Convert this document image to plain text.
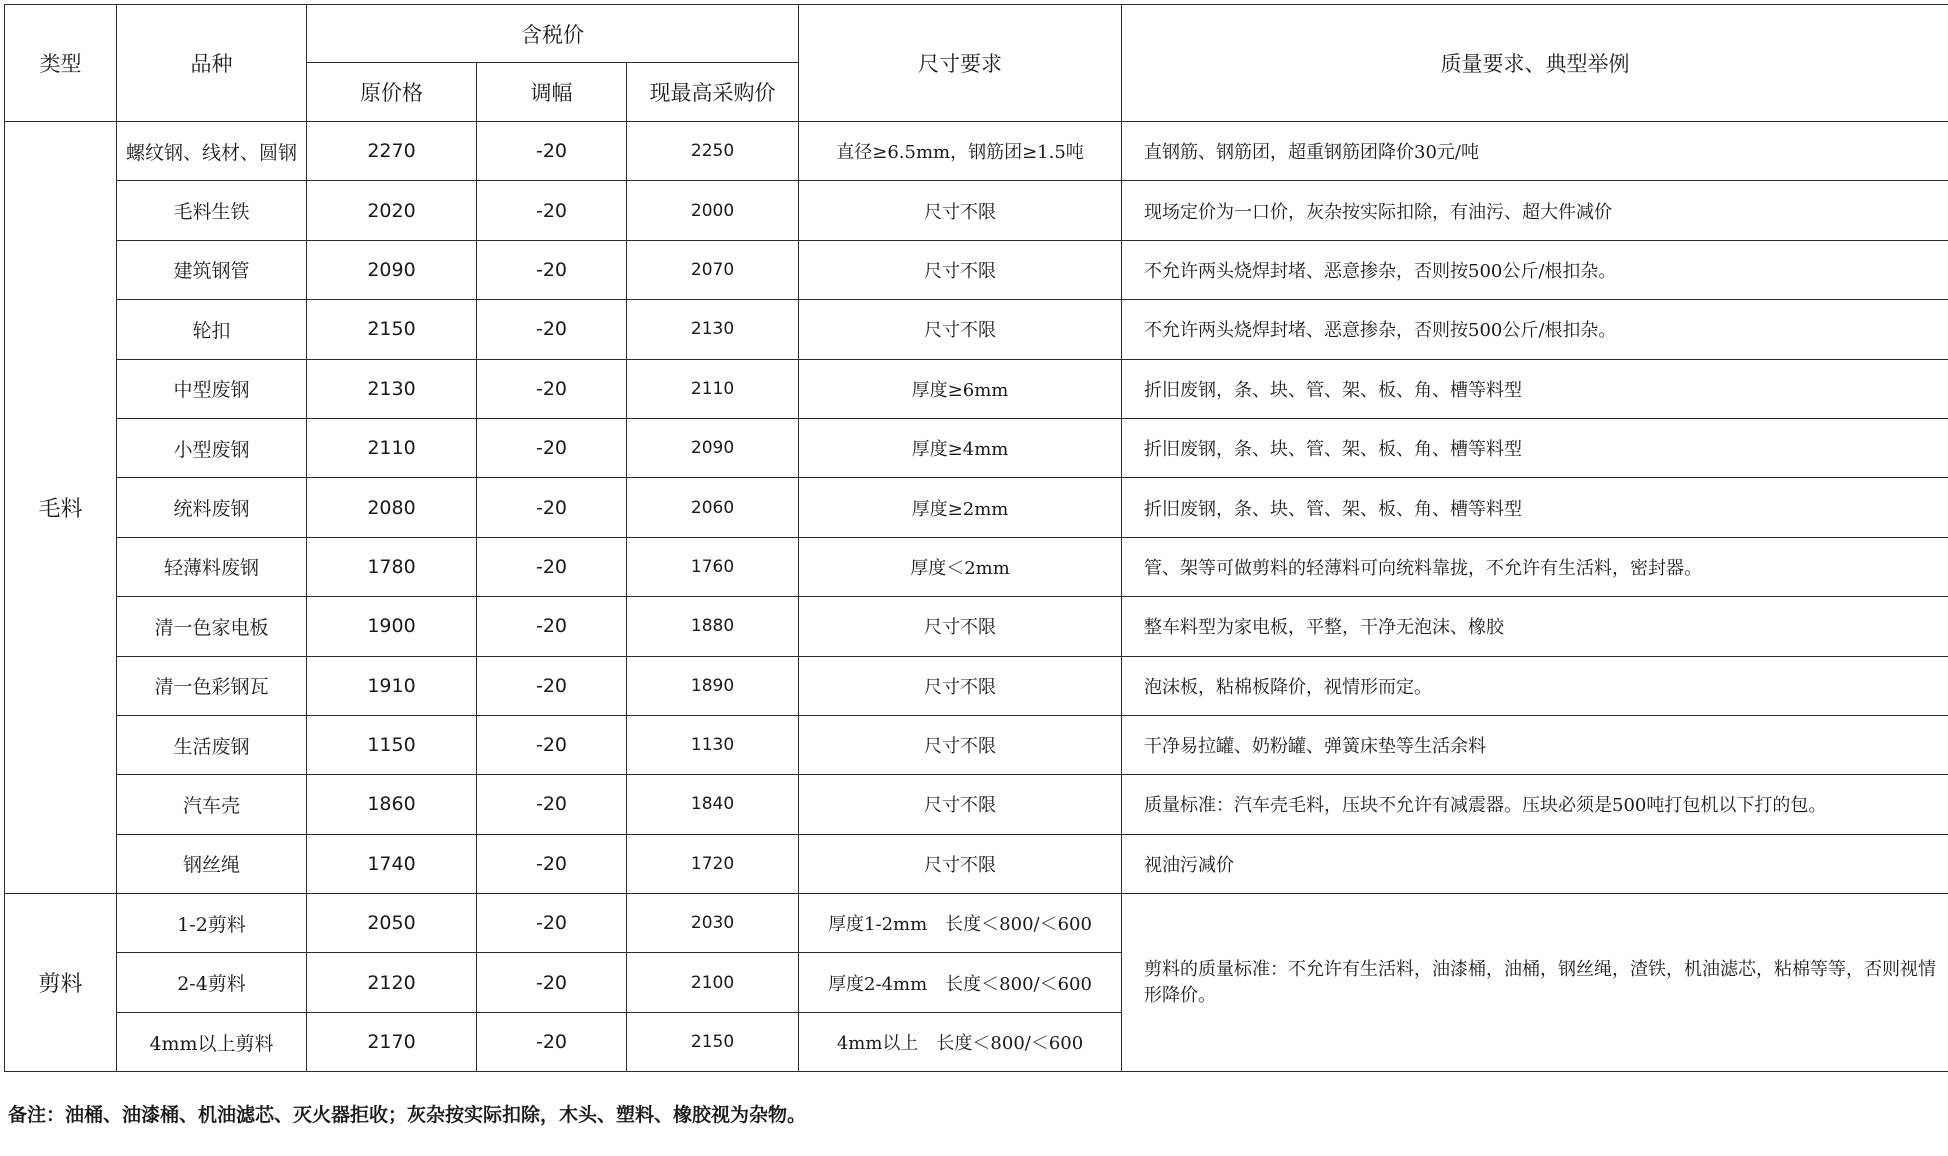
类型	品种	含税价			尺寸要求	质量要求、典型举例
		原价格	调幅	现最高采购价		
毛料	螺纹钢、线材、圆钢	2270	-20	2250	直径≥6.5mm，钢筋团≥1.5吨	直钢筋、钢筋团，超重钢筋团降价30元/吨
	毛料生铁	2020	-20	2000	尺寸不限	现场定价为一口价，灰杂按实际扣除，有油污、超大件减价
	建筑钢管	2090	-20	2070	尺寸不限	不允许两头烧焊封堵、恶意掺杂，否则按500公斤/根扣杂。
	轮扣	2150	-20	2130	尺寸不限	不允许两头烧焊封堵、恶意掺杂，否则按500公斤/根扣杂。
	中型废钢	2130	-20	2110	厚度≥6mm	折旧废钢，条、块、管、架、板、角、槽等料型
	小型废钢	2110	-20	2090	厚度≥4mm	折旧废钢，条、块、管、架、板、角、槽等料型
	统料废钢	2080	-20	2060	厚度≥2mm	折旧废钢，条、块、管、架、板、角、槽等料型
	轻薄料废钢	1780	-20	1760	厚度＜2mm	管、架等可做剪料的轻薄料可向统料靠拢，不允许有生活料，密封器。
	清一色家电板	1900	-20	1880	尺寸不限	整车料型为家电板，平整，干净无泡沫、橡胶
	清一色彩钢瓦	1910	-20	1890	尺寸不限	泡沫板，粘棉板降价，视情形而定。
	生活废钢	1150	-20	1130	尺寸不限	干净易拉罐、奶粉罐、弹簧床垫等生活余料
	汽车壳	1860	-20	1840	尺寸不限	质量标准：汽车壳毛料，压块不允许有减震器。压块必须是500吨打包机以下打的包。
	钢丝绳	1740	-20	1720	尺寸不限	视油污减价
剪料	1-2剪料	2050	-20	2030	厚度1-2mm　长度＜800/＜600	剪料的质量标准：不允许有生活料，油漆桶，油桶，钢丝绳，渣铁，机油滤芯，粘棉等等，否则视情形降价。
	2-4剪料	2120	-20	2100	厚度2-4mm　长度＜800/＜600	
	4mm以上剪料	2170	-20	2150	4mm以上　长度＜800/＜600	
备注：油桶、油漆桶、机油滤芯、灭火器拒收；灰杂按实际扣除，木头、塑料、橡胶视为杂物。
